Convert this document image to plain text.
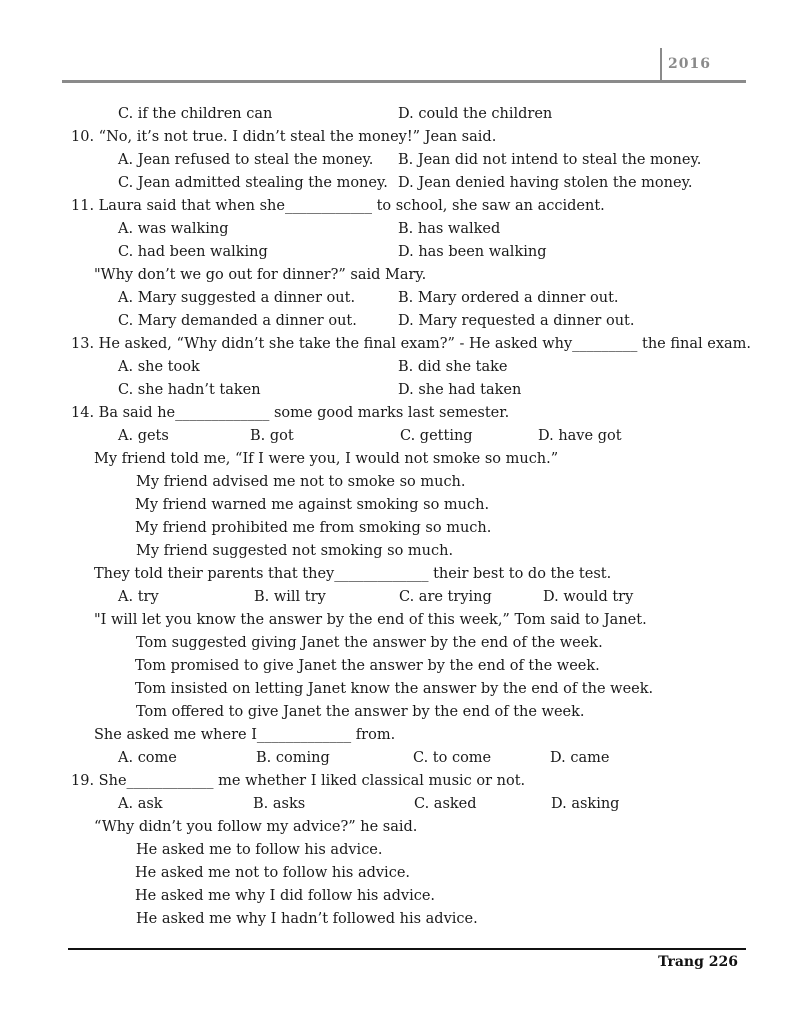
2016
C. if the children can	D. could the children
10. “No, it’s not true. I didn’t steal the money!” Jean said.
A. Jean refused to steal the money. B. Jean did not intend to steal the money.
C. Jean admitted stealing the money. D. Jean denied having stolen the money.
11. Laura said that when she____________ to school, she saw an accident.
A. was walking	B. has walked
C. had been walking	D. has been walking
"Why don’t we go out for dinner?” said Mary.
A. Mary suggested a dinner out.	B. Mary ordered a dinner out.
C. Mary demanded a dinner out.	D. Mary requested a dinner out.
13. He asked, “Why didn’t she take the final exam?” - He asked why_________ the final exam.
A. she took	B. did she take
C. she hadn’t taken	D. she had taken
14. Ba said he_____________ some good marks last semester.
A. gets	B. got	C. getting	D. have got
My friend told me, “If I were you, I would not smoke so much.”
My friend advised me not to smoke so much.
My friend warned me against smoking so much.
My friend prohibited me from smoking so much.
My friend suggested not smoking so much.
They told their parents that they_____________ their best to do the test.
A. try	B. will try	C. are trying	D. would try
"I will let you know the answer by the end of this week,” Tom said to Janet.
Tom suggested giving Janet the answer by the end of the week.
Tom promised to give Janet the answer by the end of the week.
Tom insisted on letting Janet know the answer by the end of the week.
Tom offered to give Janet the answer by the end of the week.
She asked me where I_____________ from.
A. come	B. coming	C. to come	D. came
19. She____________ me whether I liked classical music or not.
A. ask	B. asks	C. asked	D. asking
“Why didn’t you follow my advice?” he said.
He asked me to follow his advice.
He asked me not to follow his advice.
He asked me why I did follow his advice.
He asked me why I hadn’t followed his advice.
Trang 226
